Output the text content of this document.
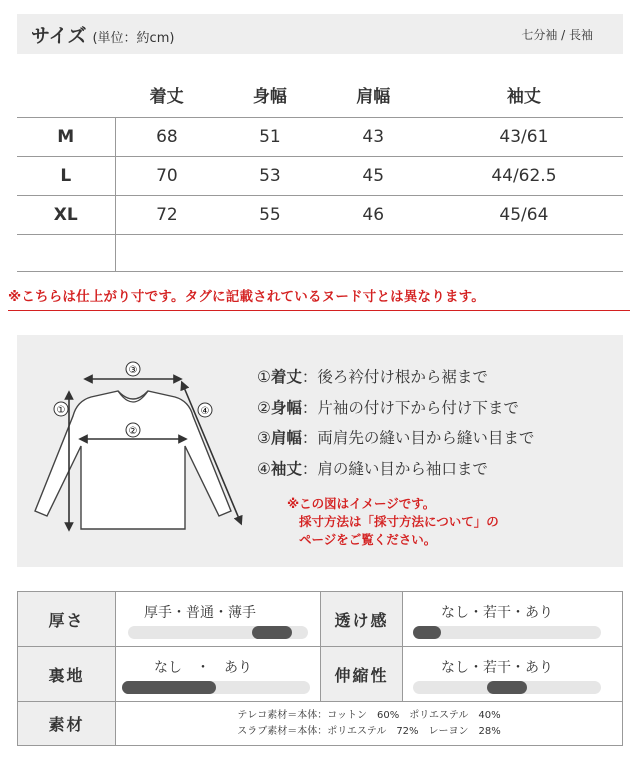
サイズ (単位：約cm)	七分袖 / 長袖
	着丈	身幅	肩幅	袖丈
M	68	51	43	43/61
L	70	53	45	44/62.5
XL	72	55	46	45/64

※こちらは仕上がり寸です。タグに記載されているヌード寸とは異なります。
③
①
②
④
①着丈：後ろ衿付け根から裾まで
②身幅：片袖の付け下から付け下まで
③肩幅：両肩先の縫い目から縫い目まで
④袖丈：肩の縫い目から袖口まで
※この図はイメージです。
採寸方法は「採寸方法について」の
ページをご覧ください。
厚さ	厚手・普通・薄手	透け感	なし・若干・あり

裏地	なし　・　あり	伸縮性	なし・若干・あり

素材	テレコ素材＝本体：コットン　60%　ポリエステル　40%
スラブ素材＝本体：ポリエステル　72%　レーヨン　28%		
